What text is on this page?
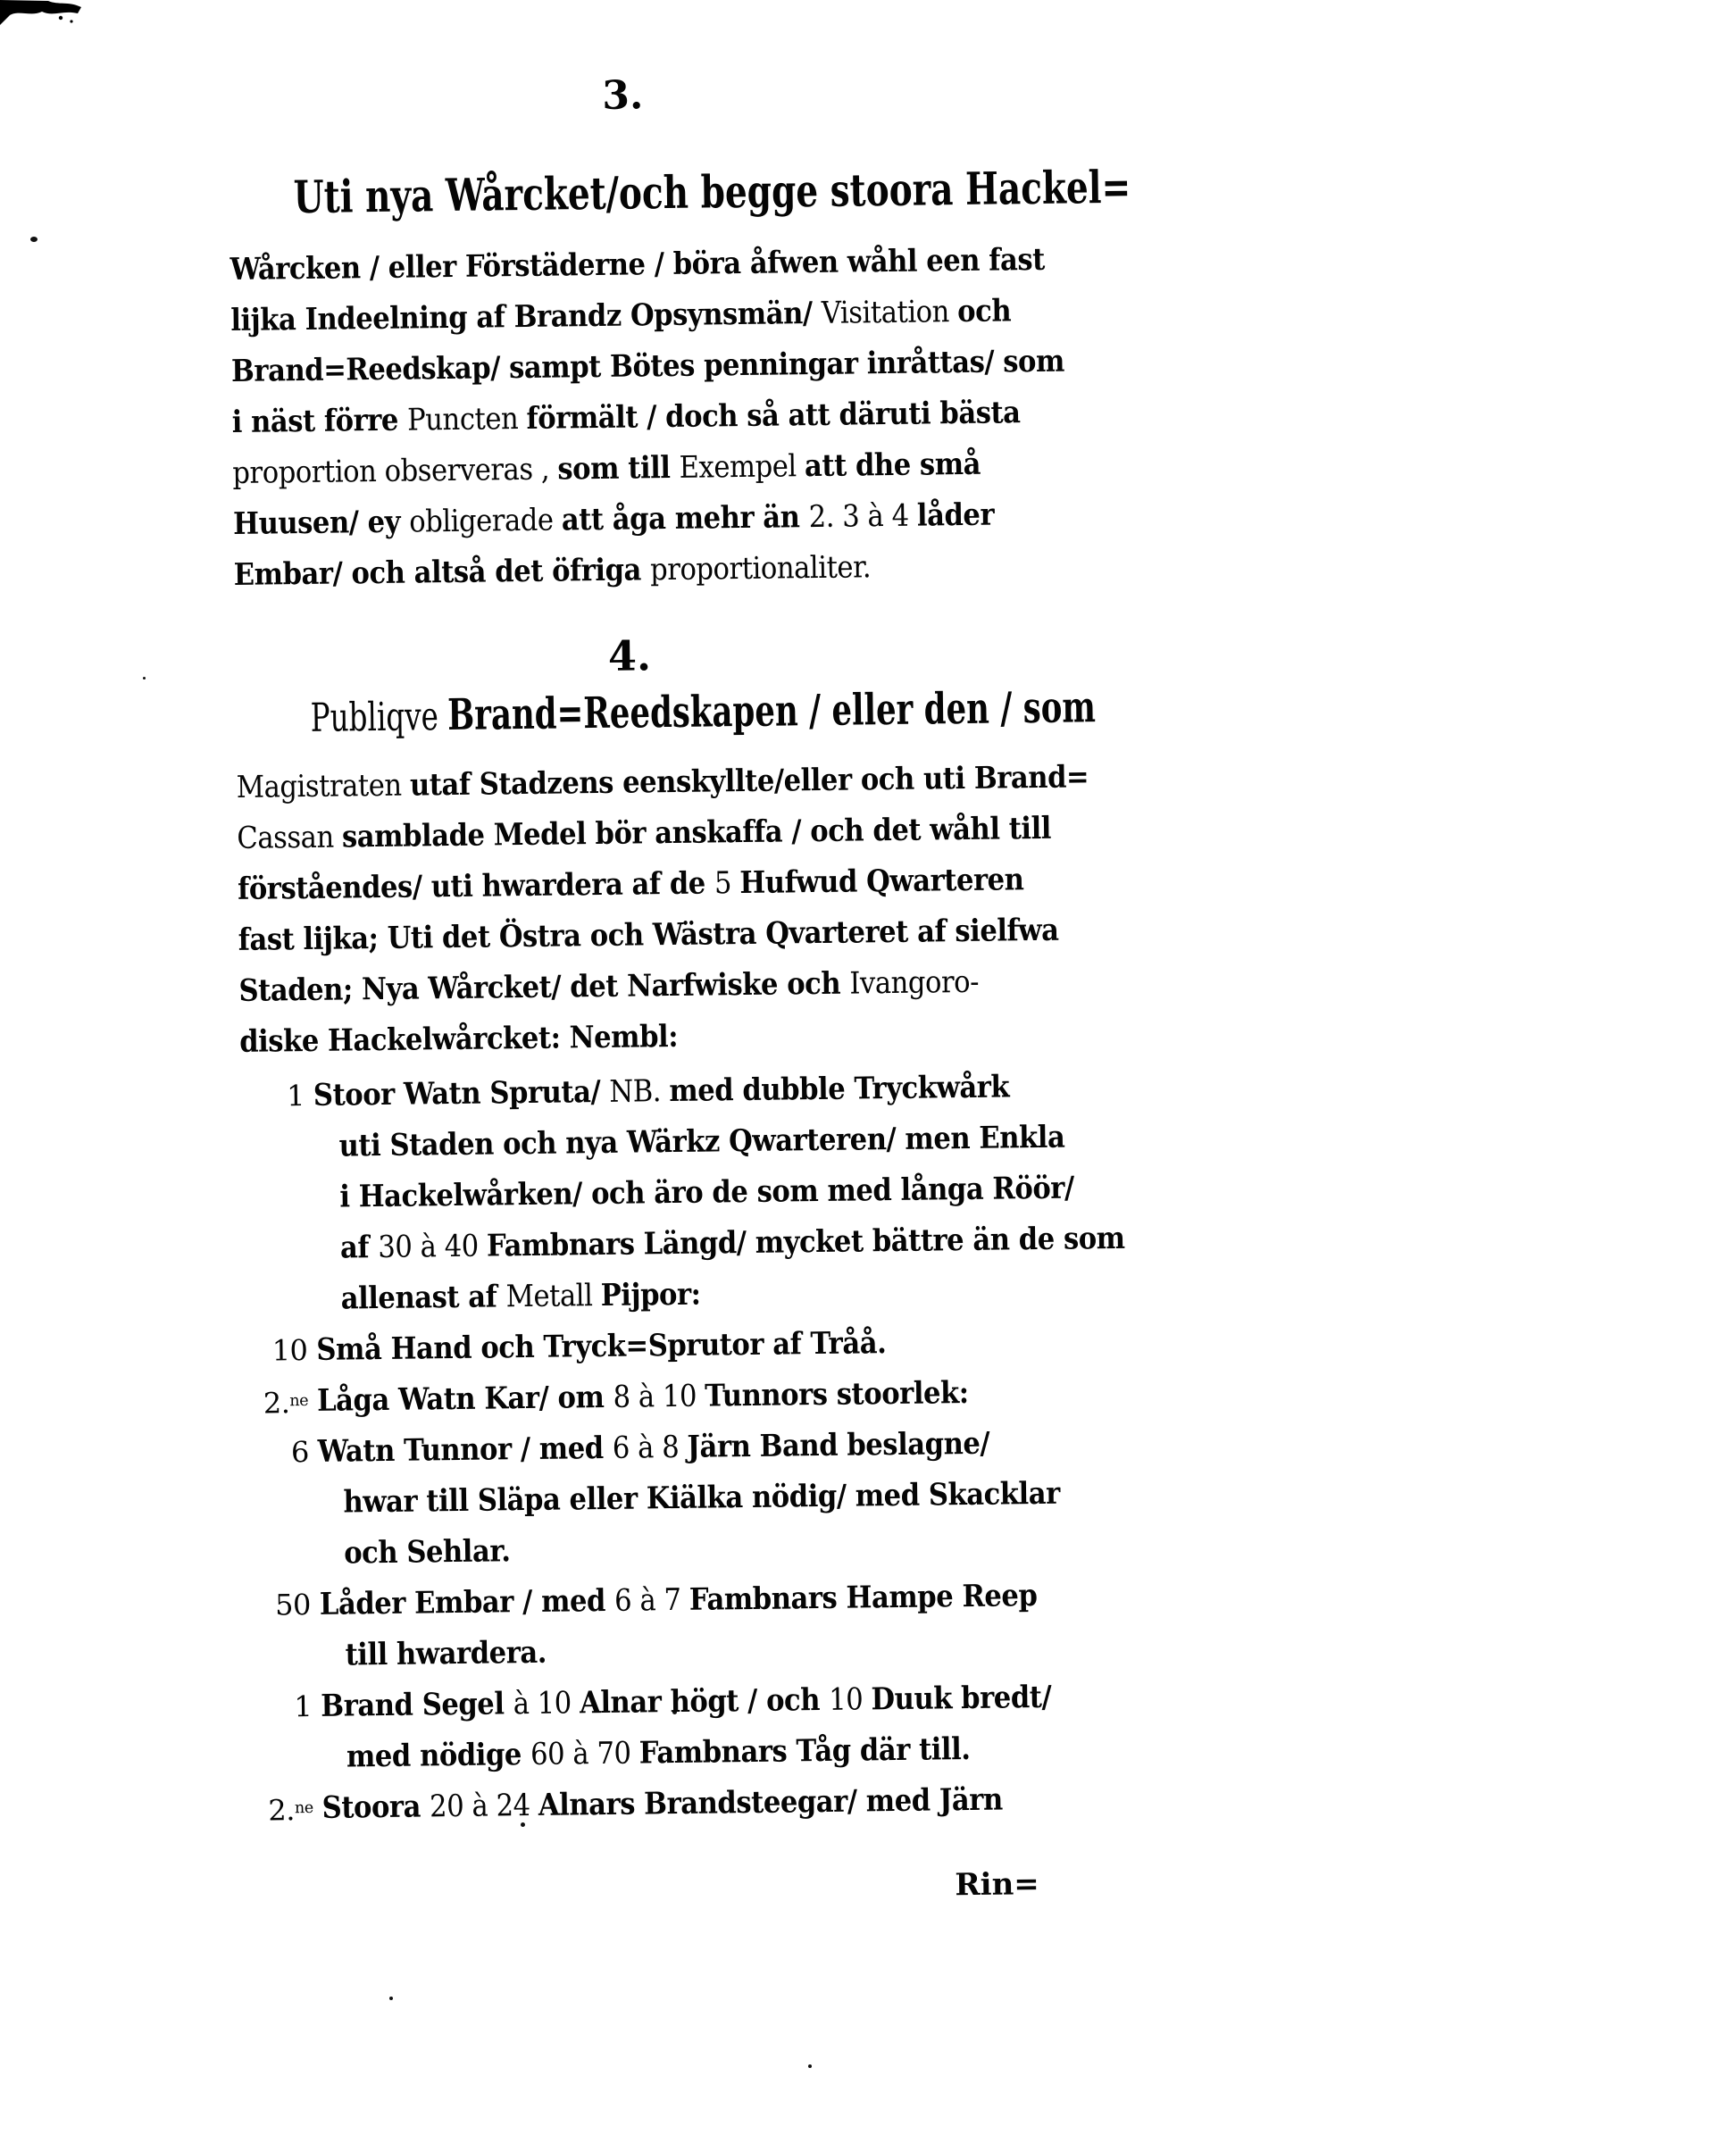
3.
Uti nya Wårcket/och begge stoora Hackel=
Wårcken / eller Förstäderne / böra åfwen wåhl een fast
lijka Indeelning af Brandz Opsynsmän/ Visitation och
Brand=Reedskap/ sampt Bötes penningar inråttas/ som
i näst förre Puncten förmält / doch så att däruti bästa
proportion observeras , som till Exempel att dhe små
Huusen/ ey obligerade att åga mehr än 2. 3 à 4 låder
Embar/ och altså det öfriga proportionaliter.
4.
Publiqve Brand=Reedskapen / eller den / som
Magistraten utaf Stadzens eenskyllte/eller och uti Brand=
Cassan samblade Medel bör anskaffa / och det wåhl till
förståendes/ uti hwardera af de 5 Hufwud Qwarteren
fast lijka; Uti det Östra och Wästra Qvarteret af sielfwa
Staden; Nya Wårcket/ det Narfwiske och Ivangoro-
diske Hackelwårcket: Nembl:
1 Stoor Watn Spruta/ NB. med dubble Tryckwårk
uti Staden och nya Wärkz Qwarteren/ men Enkla
i Hackelwårken/ och äro de som med långa Röör/
af 30 à 40 Fambnars Längd/ mycket bättre än de som
allenast af Metall Pijpor:
10 Små Hand och Tryck=Sprutor af Tråå.
2.$^{ne}$ Låga Watn Kar/ om 8 à 10 Tunnors stoorlek:
6 Watn Tunnor / med 6 à 8 Järn Band beslagne/
hwar till Släpa eller Kiälka nödig/ med Skacklar
och Sehlar.
50 Låder Embar / med 6 à 7 Fambnars Hampe Reep
till hwardera.
1 Brand Segel à 10 Alnar högt / och 10 Duuk bredt/
med nödige 60 à 70 Fambnars Tåg där till.
2.$^{ne}$ Stoora 20 à 24 Alnars Brandsteegar/ med Järn
Rin=
